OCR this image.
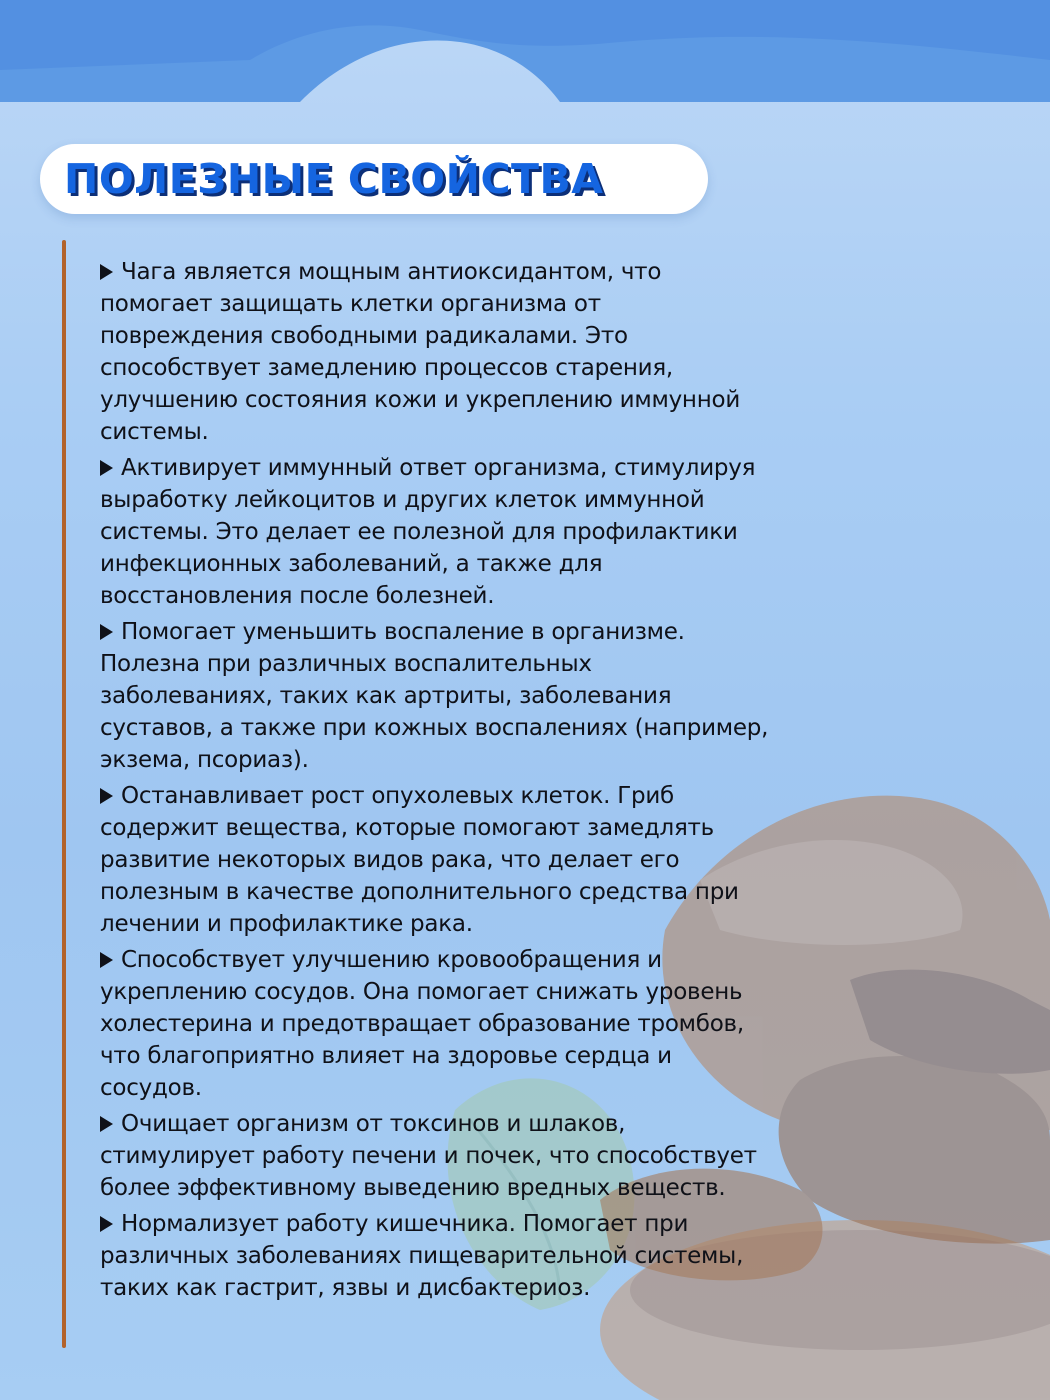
ПОЛЕЗНЫЕ СВОЙСТВА

Чага является мощным антиоксидантом, что
помогает защищать клетки организма от
повреждения свободными радикалами. Это
способствует замедлению процессов старения,
улучшению состояния кожи и укреплению иммунной
системы.

Активирует иммунный ответ организма, стимулируя
выработку лейкоцитов и других клеток иммунной
системы. Это делает ее полезной для профилактики
инфекционных заболеваний, а также для
восстановления после болезней.

Помогает уменьшить воспаление в организме.
Полезна при различных воспалительных
заболеваниях, таких как артриты, заболевания
суставов, а также при кожных воспалениях (например,
экзема, псориаз).

Останавливает рост опухолевых клеток. Гриб
содержит вещества, которые помогают замедлять
развитие некоторых видов рака, что делает его
полезным в качестве дополнительного средства при
лечении и профилактике рака.

Способствует улучшению кровообращения и
укреплению сосудов. Она помогает снижать уровень
холестерина и предотвращает образование тромбов,
что благоприятно влияет на здоровье сердца и
сосудов.

Очищает организм от токсинов и шлаков,
стимулирует работу печени и почек, что способствует
более эффективному выведению вредных веществ.

Нормализует работу кишечника. Помогает при
различных заболеваниях пищеварительной системы,
таких как гастрит, язвы и дисбактериоз.
